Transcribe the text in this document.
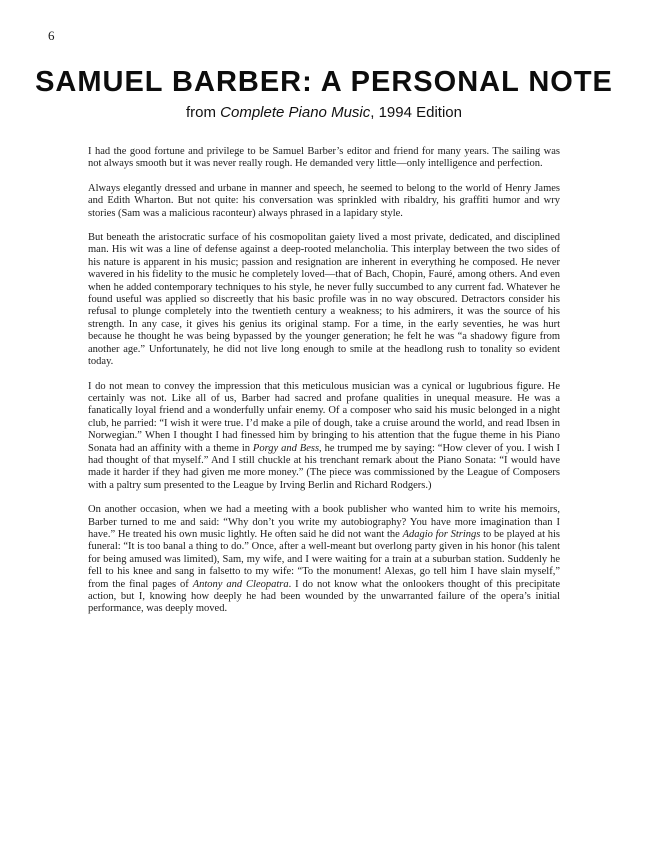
6
SAMUEL BARBER: A PERSONAL NOTE
from Complete Piano Music, 1994 Edition

I had the good fortune and privilege to be Samuel Barber’s editor and friend for many years. The sailing was not always smooth but it was never really rough. He demanded very little—only intelligence and perfection.

Always elegantly dressed and urbane in manner and speech, he seemed to belong to the world of Henry James and Edith Wharton. But not quite: his conversation was sprinkled with ribaldry, his graffiti humor and wry stories (Sam was a malicious raconteur) always phrased in a lapidary style.

But beneath the aristocratic surface of his cosmopolitan gaiety lived a most private, dedicated, and disciplined man. His wit was a line of defense against a deep-rooted melancholia. This interplay between the two sides of his nature is apparent in his music; passion and resignation are inherent in everything he composed. He never wavered in his fidelity to the music he completely loved—that of Bach, Chopin, Fauré, among others. And even when he added contemporary techniques to his style, he never fully succumbed to any current fad. Whatever he found useful was applied so discreetly that his basic profile was in no way obscured. Detractors consider his refusal to plunge completely into the twentieth century a weakness; to his admirers, it was the source of his strength. In any case, it gives his genius its original stamp. For a time, in the early seventies, he was hurt because he thought he was being bypassed by the younger generation; he felt he was “a shadowy figure from another age.” Unfortunately, he did not live long enough to smile at the headlong rush to tonality so evident today.

I do not mean to convey the impression that this meticulous musician was a cynical or lugubrious figure. He certainly was not. Like all of us, Barber had sacred and profane qualities in unequal measure. He was a fanatically loyal friend and a wonderfully unfair enemy. Of a composer who said his music belonged in a night club, he parried: “I wish it were true. I’d make a pile of dough, take a cruise around the world, and read Ibsen in Norwegian.” When I thought I had finessed him by bringing to his attention that the fugue theme in his Piano Sonata had an affinity with a theme in Porgy and Bess, he trumped me by saying: “How clever of you. I wish I had thought of that myself.” And I still chuckle at his trenchant remark about the Piano Sonata: “I would have made it harder if they had given me more money.” (The piece was commissioned by the League of Composers with a paltry sum presented to the League by Irving Berlin and Richard Rodgers.)

On another occasion, when we had a meeting with a book publisher who wanted him to write his memoirs, Barber turned to me and said: “Why don’t you write my autobiography? You have more imagination than I have.” He treated his own music lightly. He often said he did not want the Adagio for Strings to be played at his funeral: “It is too banal a thing to do.” Once, after a well-meant but overlong party given in his honor (his talent for being amused was limited), Sam, my wife, and I were waiting for a train at a suburban station. Suddenly he fell to his knee and sang in falsetto to my wife: “To the monument! Alexas, go tell him I have slain myself,” from the final pages of Antony and Cleopatra. I do not know what the onlookers thought of this precipitate action, but I, knowing how deeply he had been wounded by the unwarranted failure of the opera’s initial performance, was deeply moved.
